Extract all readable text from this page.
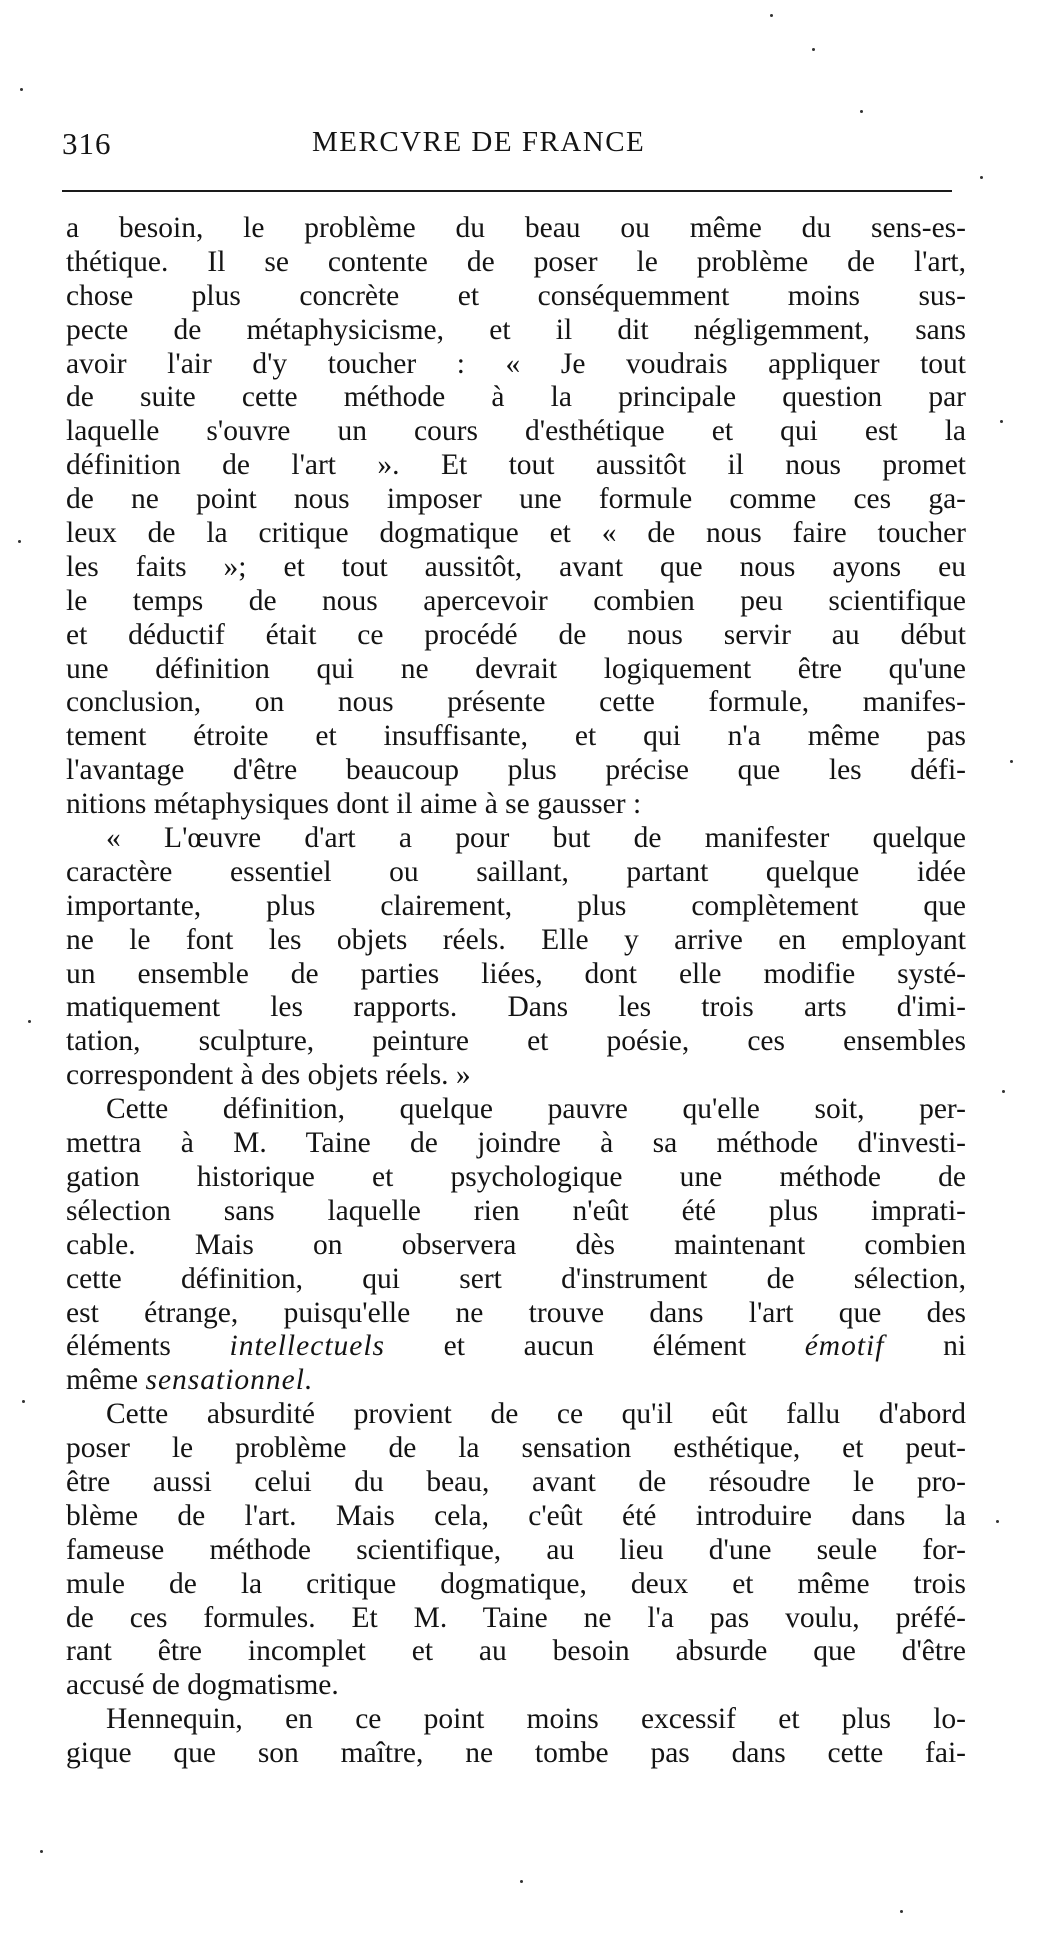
316	MERCVRE DE FRANCE
a besoin, le problème du beau ou même du sens-es-
thétique. Il se contente de poser le problème de l'art,
chose plus concrète et conséquemment moins sus-
pecte de métaphysicisme, et il dit négligemment, sans
avoir l'air d'y toucher : « Je voudrais appliquer tout
de suite cette méthode à la principale question par
laquelle s'ouvre un cours d'esthétique et qui est la
définition de l'art ». Et tout aussitôt il nous promet
de ne point nous imposer une formule comme ces ga-
leux de la critique dogmatique et « de nous faire toucher
les faits »; et tout aussitôt, avant que nous ayons eu
le temps de nous apercevoir combien peu scientifique
et déductif était ce procédé de nous servir au début
une définition qui ne devrait logiquement être qu'une
conclusion, on nous présente cette formule, manifes-
tement étroite et insuffisante, et qui n'a même pas
l'avantage d'être beaucoup plus précise que les défi-
nitions métaphysiques dont il aime à se gausser :
« L'œuvre d'art a pour but de manifester quelque
caractère essentiel ou saillant, partant quelque idée
importante, plus clairement, plus complètement que
ne le font les objets réels. Elle y arrive en employant
un ensemble de parties liées, dont elle modifie systé-
matiquement les rapports. Dans les trois arts d'imi-
tation, sculpture, peinture et poésie, ces ensembles
correspondent à des objets réels. »
Cette définition, quelque pauvre qu'elle soit, per-
mettra à M. Taine de joindre à sa méthode d'investi-
gation historique et psychologique une méthode de
sélection sans laquelle rien n'eût été plus imprati-
cable. Mais on observera dès maintenant combien
cette définition, qui sert d'instrument de sélection,
est étrange, puisqu'elle ne trouve dans l'art que des
éléments intellectuels et aucun élément émotif ni
même sensationnel.
Cette absurdité provient de ce qu'il eût fallu d'abord
poser le problème de la sensation esthétique, et peut-
être aussi celui du beau, avant de résoudre le pro-
blème de l'art. Mais cela, c'eût été introduire dans la
fameuse méthode scientifique, au lieu d'une seule for-
mule de la critique dogmatique, deux et même trois
de ces formules. Et M. Taine ne l'a pas voulu, préfé-
rant être incomplet et au besoin absurde que d'être
accusé de dogmatisme.
Hennequin, en ce point moins excessif et plus lo-
gique que son maître, ne tombe pas dans cette fai-
